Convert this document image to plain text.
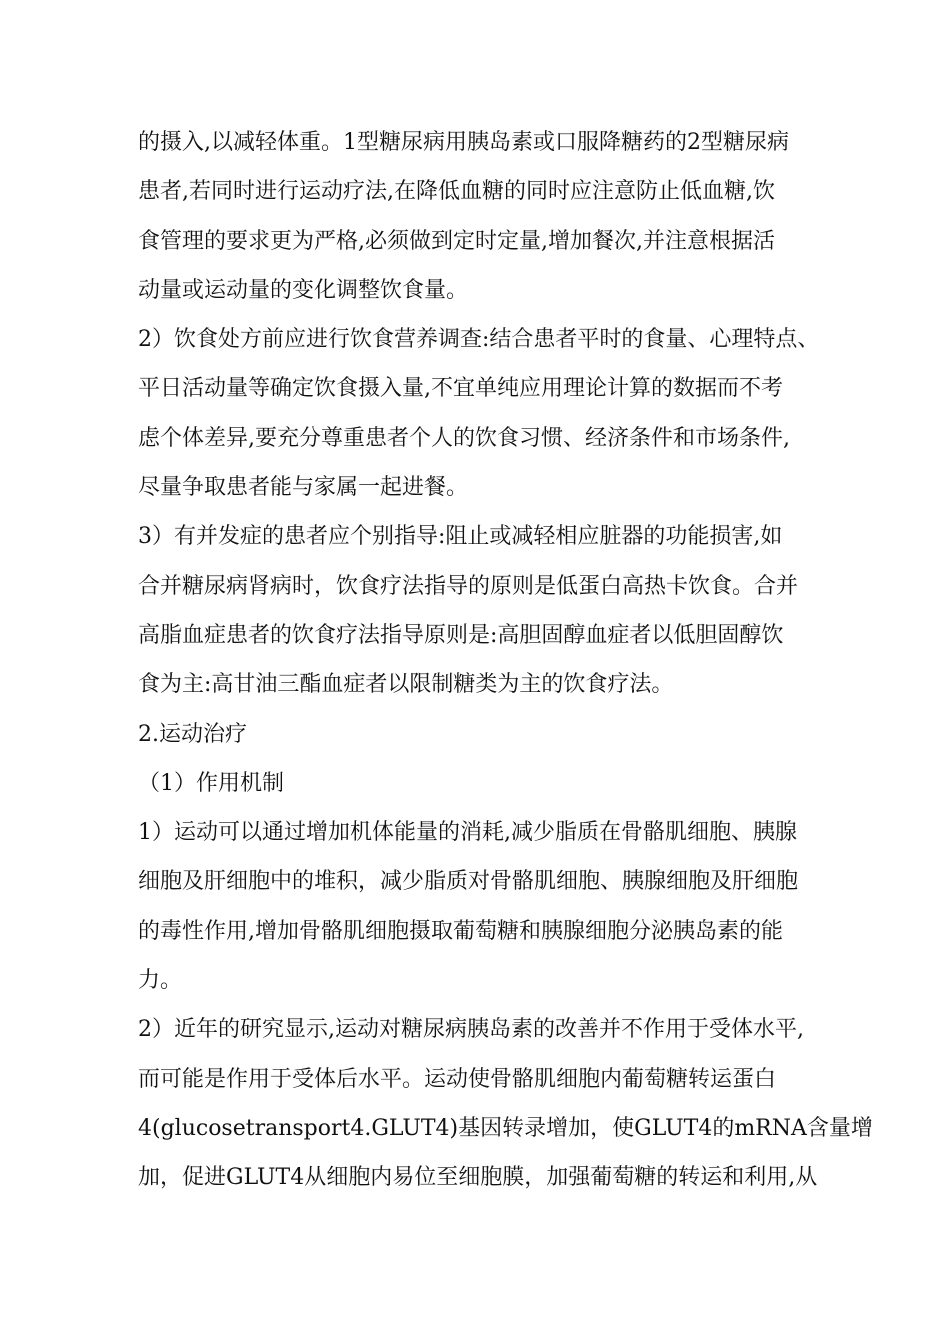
的摄入,以减轻体重。1型糖尿病用胰岛素或口服降糖药的2型糖尿病
患者,若同时进行运动疗法,在降低血糖的同时应注意防止低血糖,饮
食管理的要求更为严格,必须做到定时定量,增加餐次,并注意根据活
动量或运动量的变化调整饮食量。
2）饮食处方前应进行饮食营养调查:结合患者平时的食量、心理特点、
平日活动量等确定饮食摄入量,不宜单纯应用理论计算的数据而不考
虑个体差异,要充分尊重患者个人的饮食习惯、经济条件和市场条件,
尽量争取患者能与家属一起进餐。
3）有并发症的患者应个别指导:阻止或减轻相应脏器的功能损害,如
合并糖尿病肾病时，饮食疗法指导的原则是低蛋白高热卡饮食。合并
高脂血症患者的饮食疗法指导原则是:高胆固醇血症者以低胆固醇饮
食为主:高甘油三酯血症者以限制糖类为主的饮食疗法。
2.运动治疗
（1）作用机制
1）运动可以通过增加机体能量的消耗,减少脂质在骨骼肌细胞、胰腺
细胞及肝细胞中的堆积，减少脂质对骨骼肌细胞、胰腺细胞及肝细胞
的毒性作用,增加骨骼肌细胞摄取葡萄糖和胰腺细胞分泌胰岛素的能
力。
2）近年的研究显示,运动对糖尿病胰岛素的改善并不作用于受体水平,
而可能是作用于受体后水平。运动使骨骼肌细胞内葡萄糖转运蛋白
4(glucosetransport4.GLUT4)基因转录增加，使GLUT4的mRNA含量增
加，促进GLUT4从细胞内易位至细胞膜，加强葡萄糖的转运和利用,从
